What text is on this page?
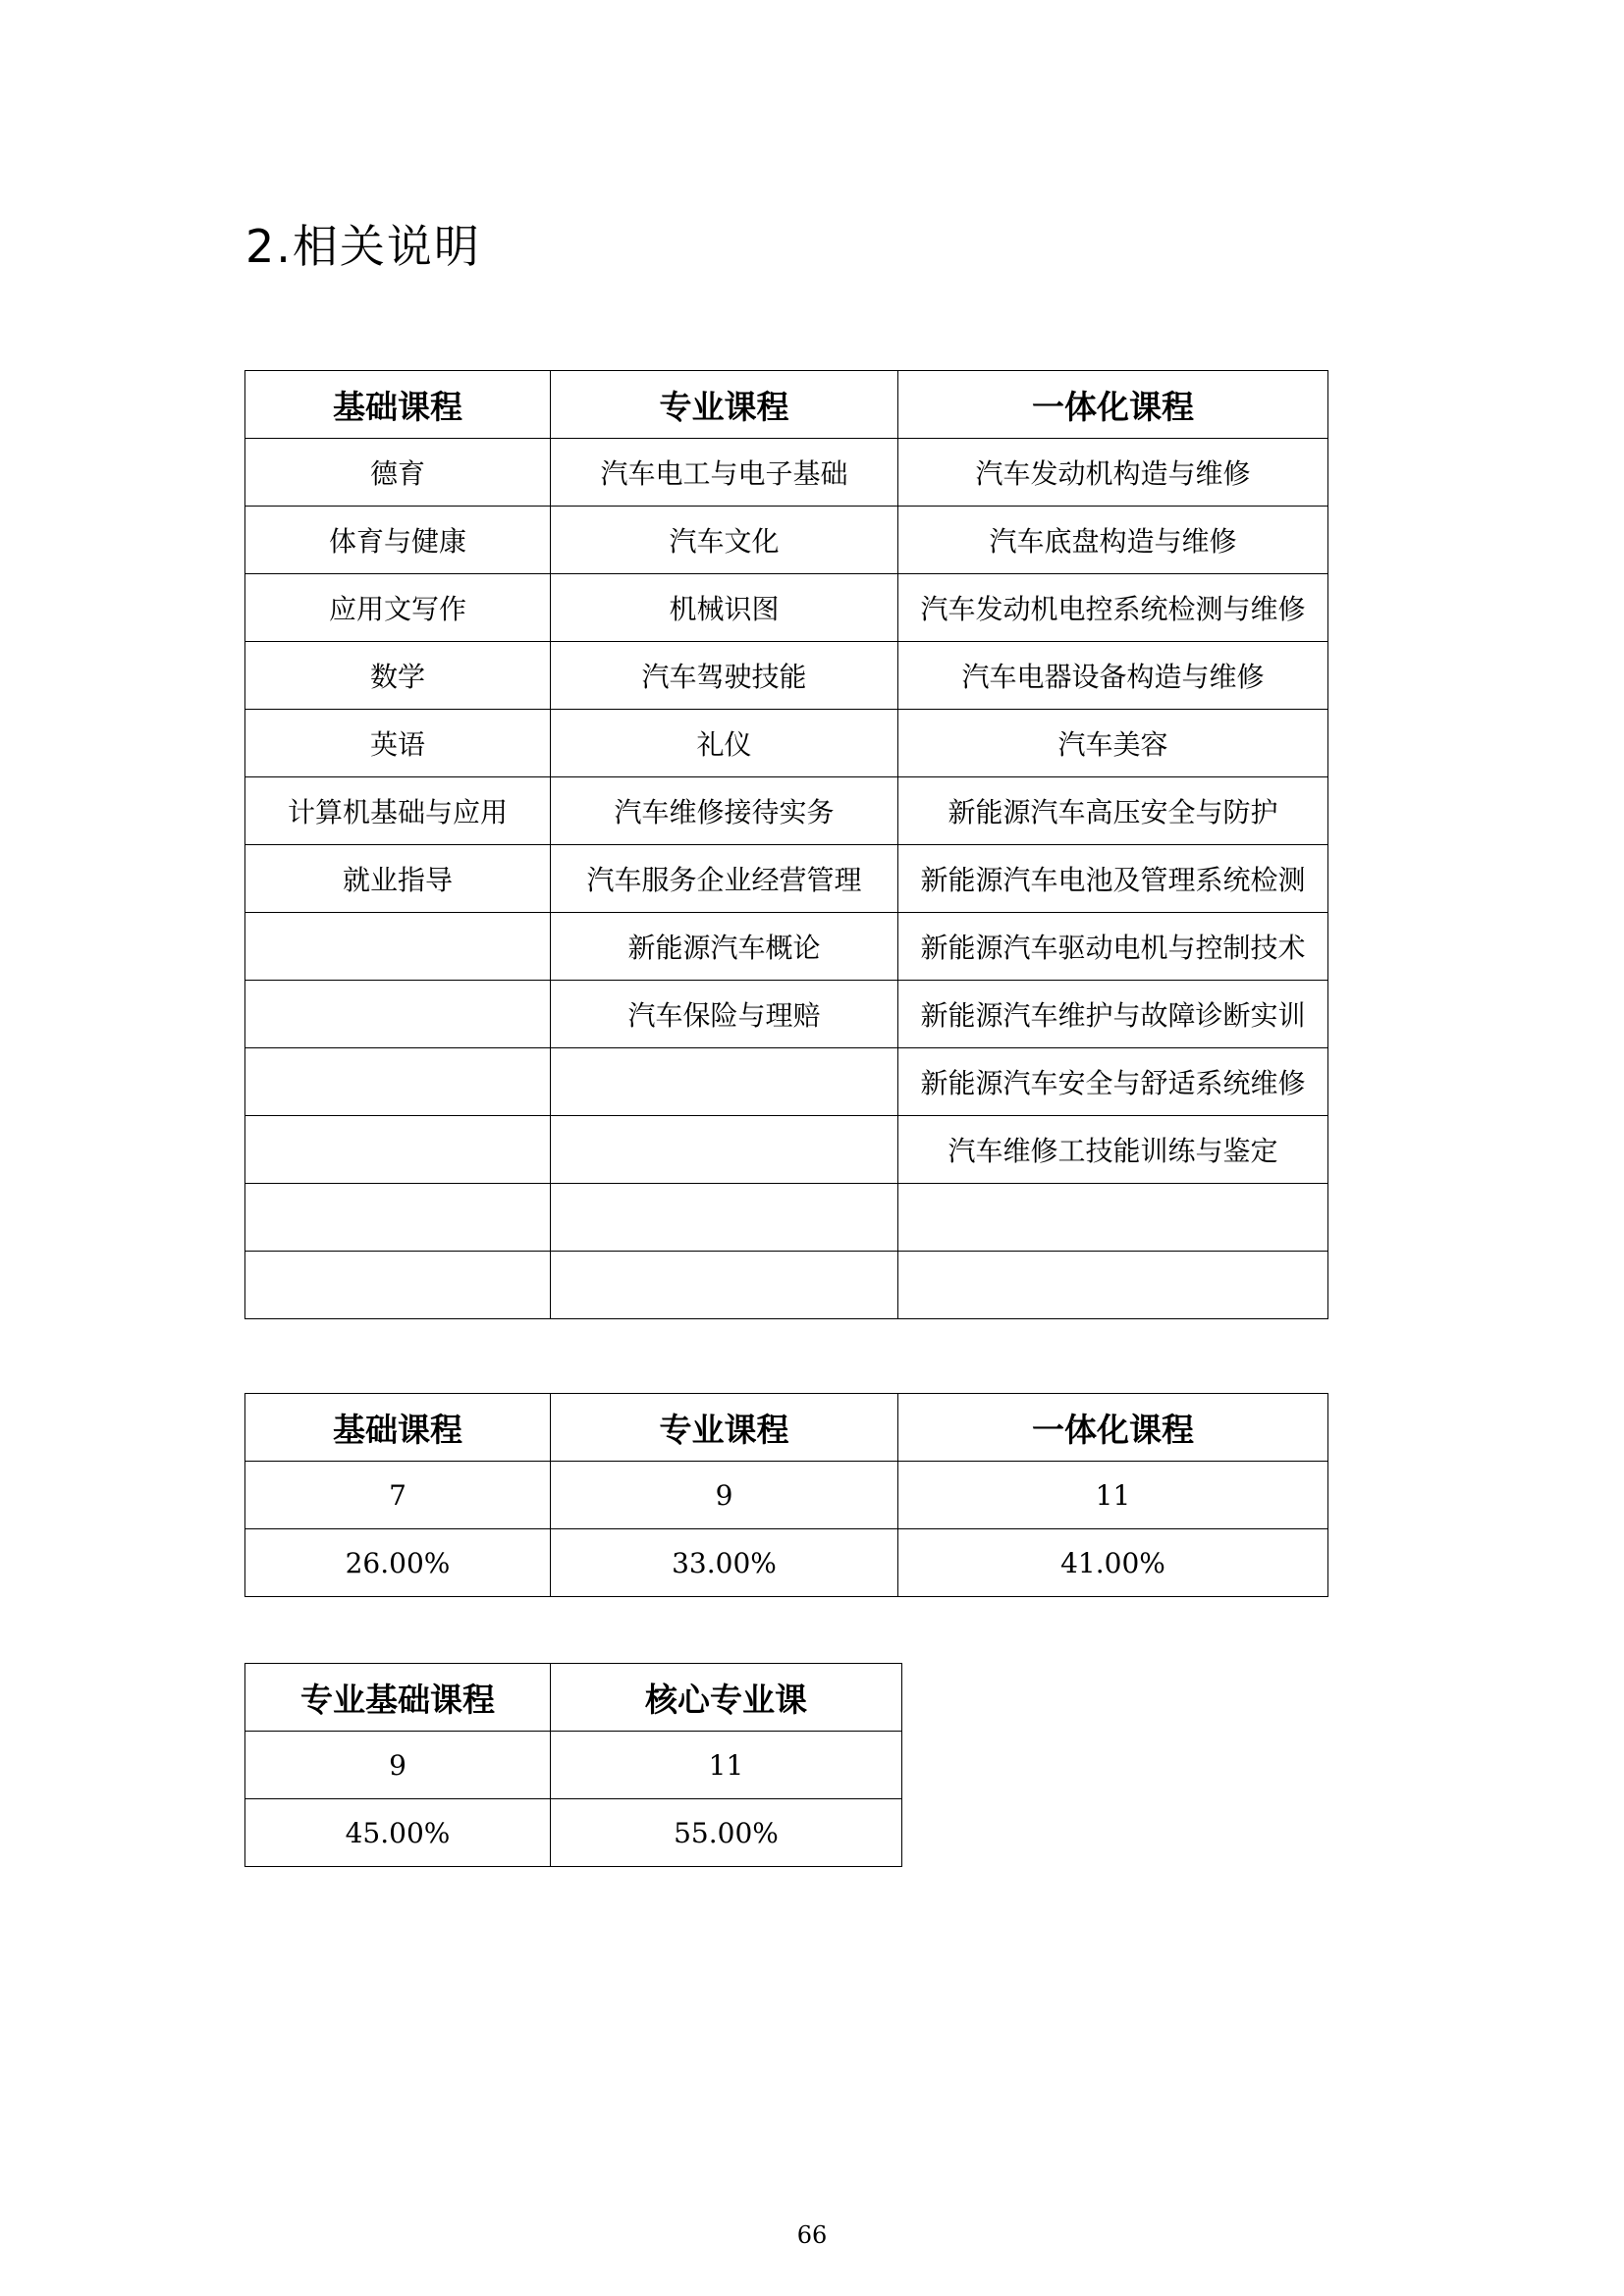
2.相关说明
基础课程	专业课程	一体化课程
德育	汽车电工与电子基础	汽车发动机构造与维修
体育与健康	汽车文化	汽车底盘构造与维修
应用文写作	机械识图	汽车发动机电控系统检测与维修
数学	汽车驾驶技能	汽车电器设备构造与维修
英语	礼仪	汽车美容
计算机基础与应用	汽车维修接待实务	新能源汽车高压安全与防护
就业指导	汽车服务企业经营管理	新能源汽车电池及管理系统检测
	新能源汽车概论	新能源汽车驱动电机与控制技术
	汽车保险与理赔	新能源汽车维护与故障诊断实训
		新能源汽车安全与舒适系统维修
		汽车维修工技能训练与鉴定

基础课程	专业课程	一体化课程
7	9	11
26.00%	33.00%	41.00%
专业基础课程	核心专业课
9	11
45.00%	55.00%
66
